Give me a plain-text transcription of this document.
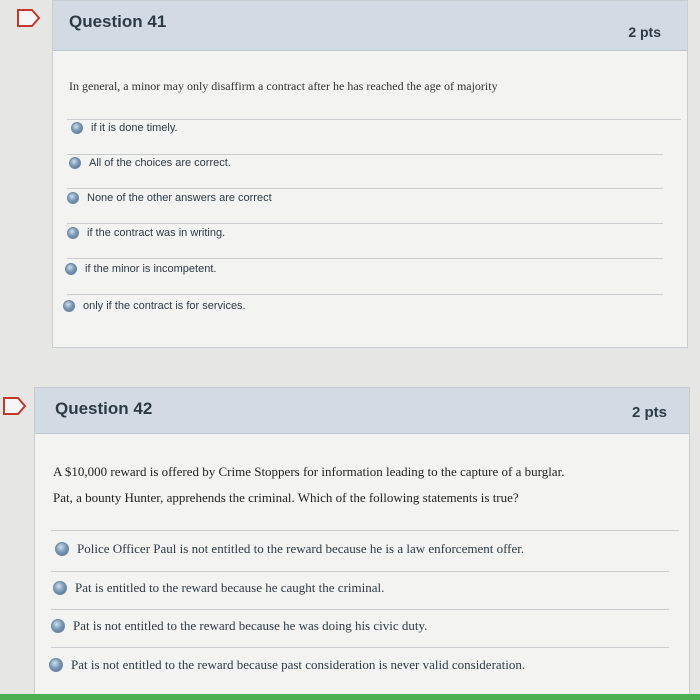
Question 41
2 pts
In general, a minor may only disaffirm a contract after he has reached the age of majority
if it is done timely.
All of the choices are correct.
None of the other answers are correct
if the contract was in writing.
if the minor is incompetent.
only if the contract is for services.
Question 42	2 pts
A $10,000 reward is offered by Crime Stoppers for information leading to the capture of a burglar.
Pat, a bounty Hunter, apprehends the criminal. Which of the following statements is true?
Police Officer Paul is not entitled to the reward because he is a law enforcement offer.
Pat is entitled to the reward because he caught the criminal.
Pat is not entitled to the reward because he was doing his civic duty.
Pat is not entitled to the reward because past consideration is never valid consideration.
